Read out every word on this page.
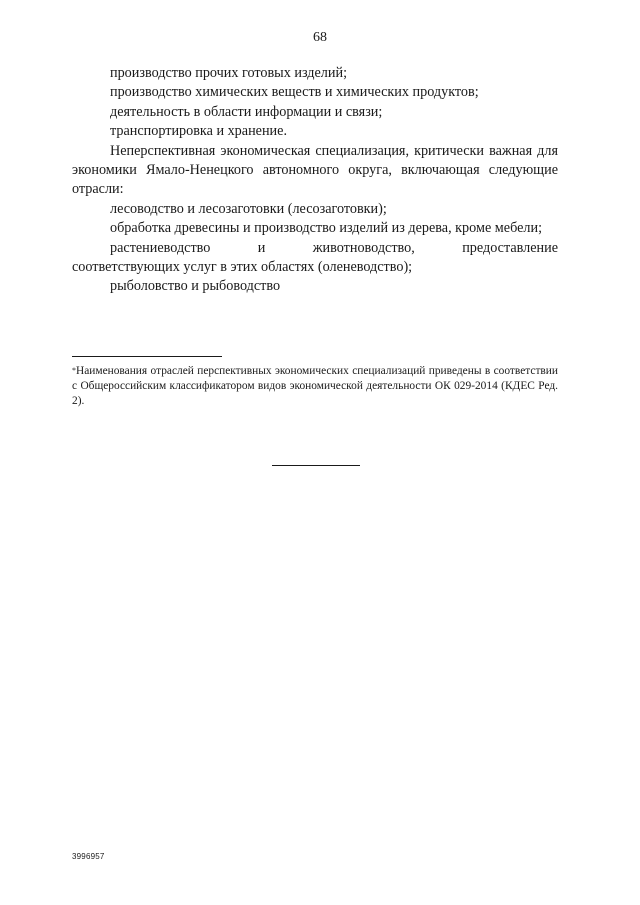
68

производство прочих готовых изделий;

производство химических веществ и химических продуктов;

деятельность в области информации и связи;

транспортировка и хранение.

Неперспективная экономическая специализация, критически важная для экономики Ямало-Ненецкого автономного округа, включающая следующие отрасли:

лесоводство и лесозаготовки (лесозаготовки);

обработка древесины и производство изделий из дерева, кроме мебели;

растениеводство	и	животноводство,	предоставление

соответствующих услуг в этих областях (оленеводство);

рыболовство и рыбоводство

*Наименования отраслей перспективных экономических специализаций приведены в соответствии с Общероссийским классификатором видов экономической деятельности ОК 029-2014 (КДЕС Ред. 2).

3996957
